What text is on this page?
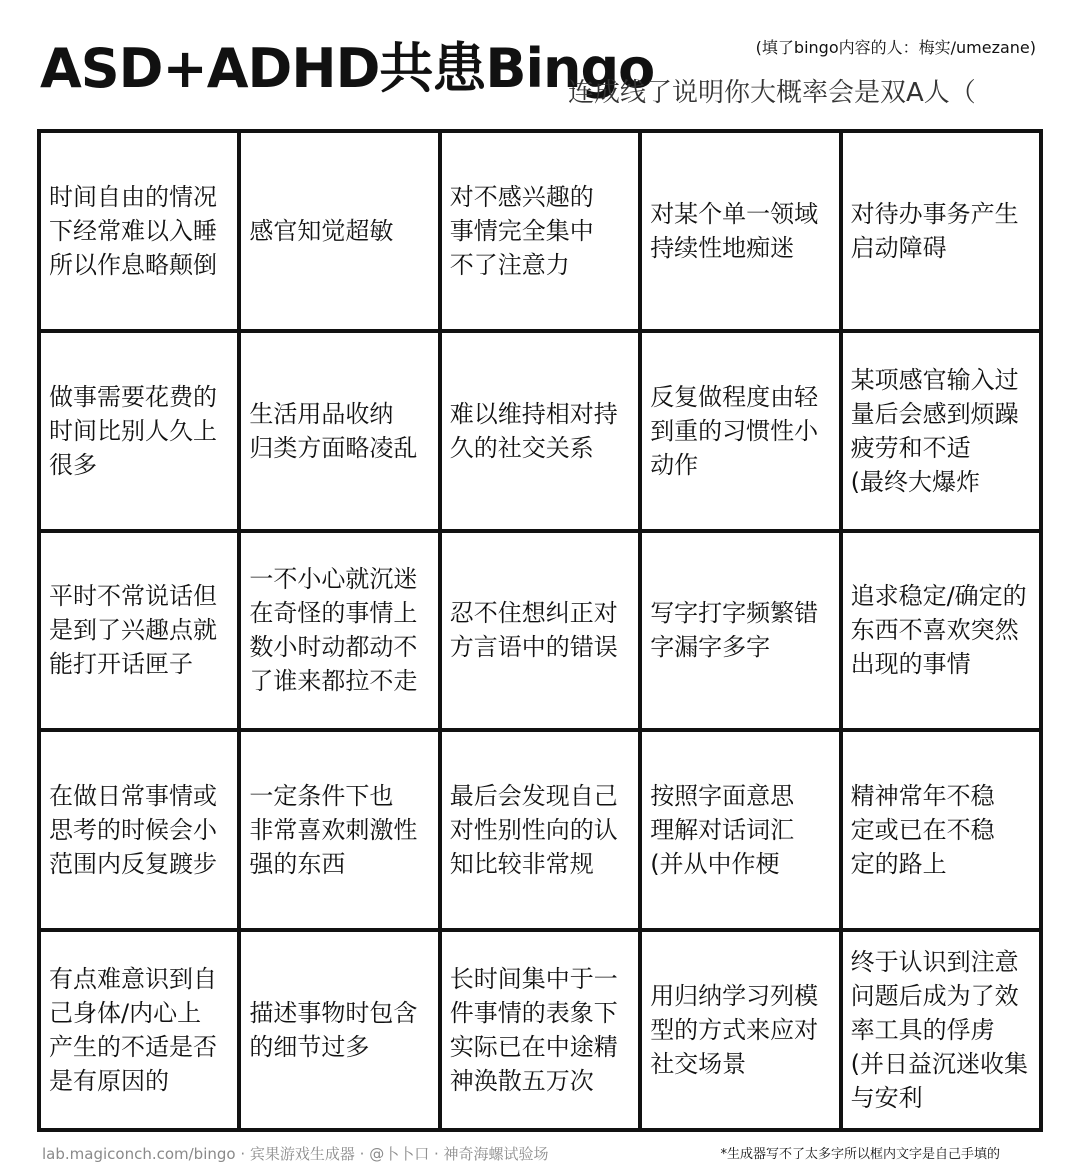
ASD+ADHD共患Bingo	(填了bingo内容的人：梅实/umezane)
连成线了说明你大概率会是双A人（
时间自由的情况
下经常难以入睡
所以作息略颠倒
感官知觉超敏
对不感兴趣的
事情完全集中
不了注意力
对某个单一领域
持续性地痴迷
对待办事务产生
启动障碍
做事需要花费的
时间比别人久上
很多
生活用品收纳
归类方面略凌乱
难以维持相对持
久的社交关系
反复做程度由轻
到重的习惯性小
动作
某项感官输入过
量后会感到烦躁
疲劳和不适
(最终大爆炸
平时不常说话但
是到了兴趣点就
能打开话匣子
一不小心就沉迷
在奇怪的事情上
数小时动都动不
了谁来都拉不走
忍不住想纠正对
方言语中的错误
写字打字频繁错
字漏字多字
追求稳定/确定的
东西不喜欢突然
出现的事情
在做日常事情或
思考的时候会小
范围内反复踱步
一定条件下也
非常喜欢刺激性
强的东西
最后会发现自己
对性别性向的认
知比较非常规
按照字面意思
理解对话词汇
(并从中作梗
精神常年不稳
定或已在不稳
定的路上
有点难意识到自
己身体/内心上
产生的不适是否
是有原因的
描述事物时包含
的细节过多
长时间集中于一
件事情的表象下
实际已在中途精
神涣散五万次
用归纳学习列模
型的方式来应对
社交场景
终于认识到注意
问题后成为了效
率工具的俘虏
(并日益沉迷收集
与安利
lab.magiconch.com/bingo · 宾果游戏生成器 · @卜卜口 · 神奇海螺试验场	*生成器写不了太多字所以框内文字是自己手填的
